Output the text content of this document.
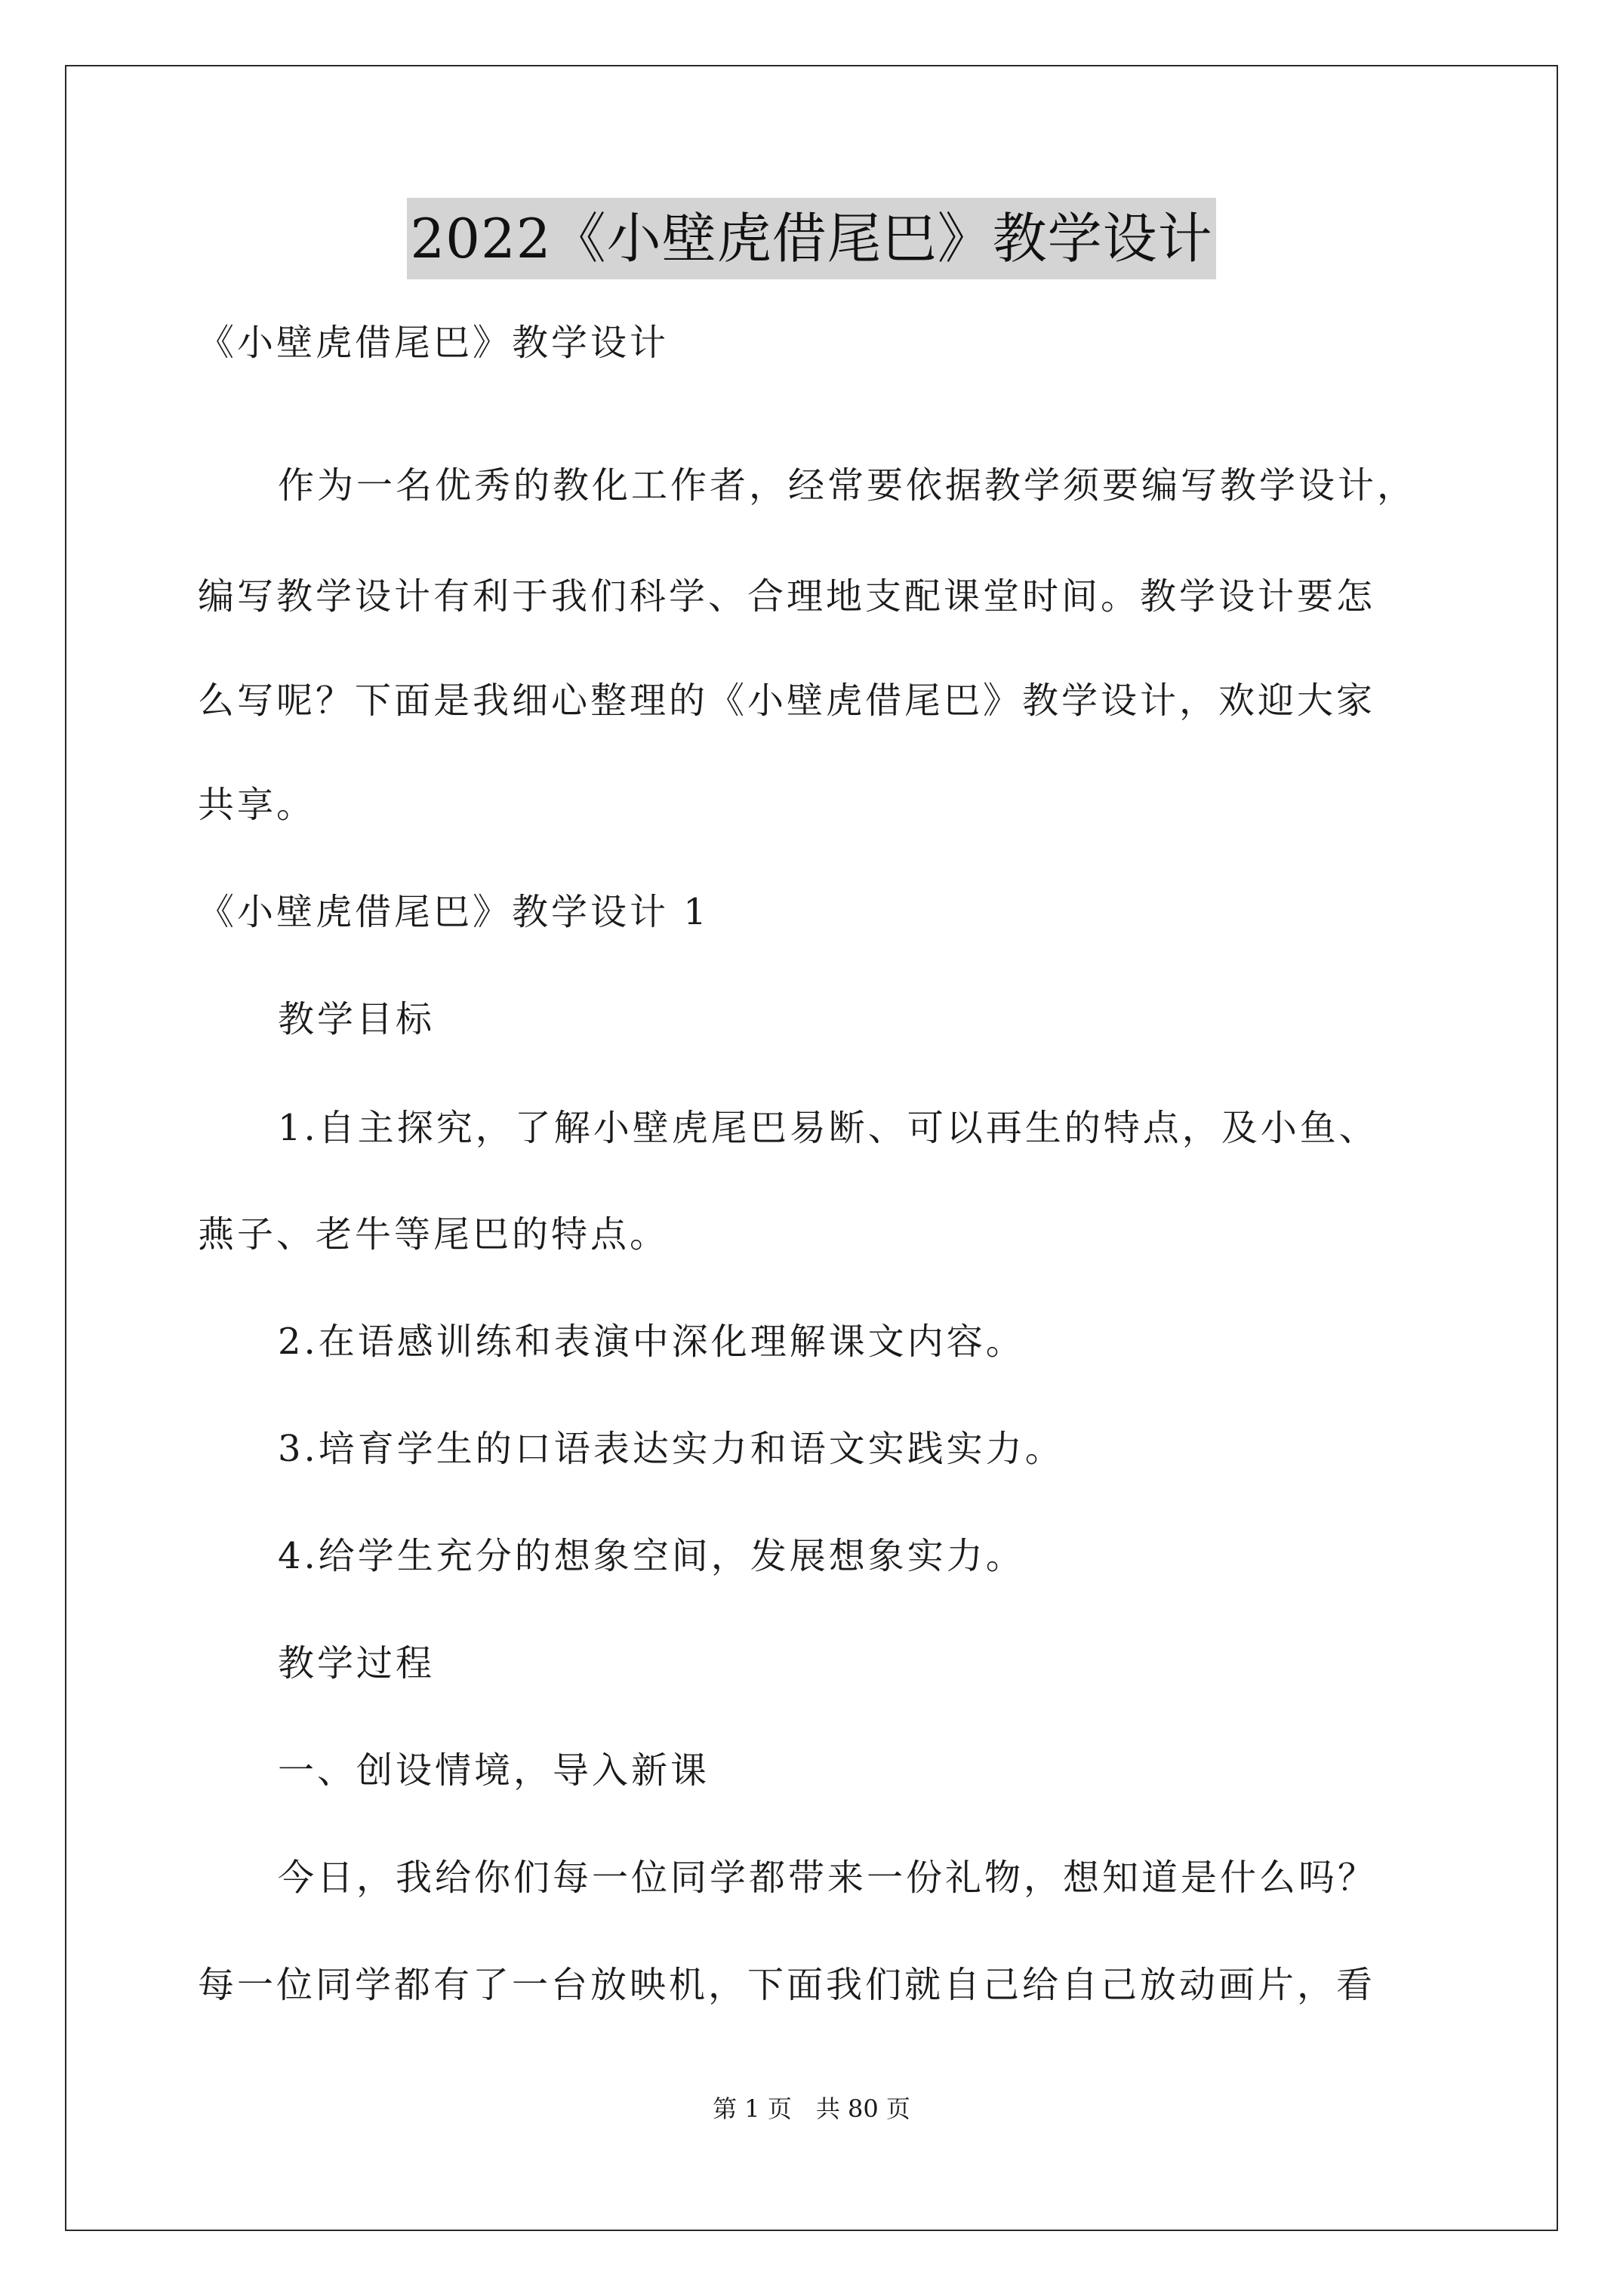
2022《小壁虎借尾巴》教学设计
《小壁虎借尾巴》教学设计
作为一名优秀的教化工作者，经常要依据教学须要编写教学设计，
编写教学设计有利于我们科学、合理地支配课堂时间。教学设计要怎
么写呢？下面是我细心整理的《小壁虎借尾巴》教学设计，欢迎大家
共享。
《小壁虎借尾巴》教学设计 1
教学目标
1.自主探究，了解小壁虎尾巴易断、可以再生的特点，及小鱼、
燕子、老牛等尾巴的特点。
2.在语感训练和表演中深化理解课文内容。
3.培育学生的口语表达实力和语文实践实力。
4.给学生充分的想象空间，发展想象实力。
教学过程
一、创设情境，导入新课
今日，我给你们每一位同学都带来一份礼物，想知道是什么吗？
每一位同学都有了一台放映机，下面我们就自己给自己放动画片，看
第 1 页　共 80 页
